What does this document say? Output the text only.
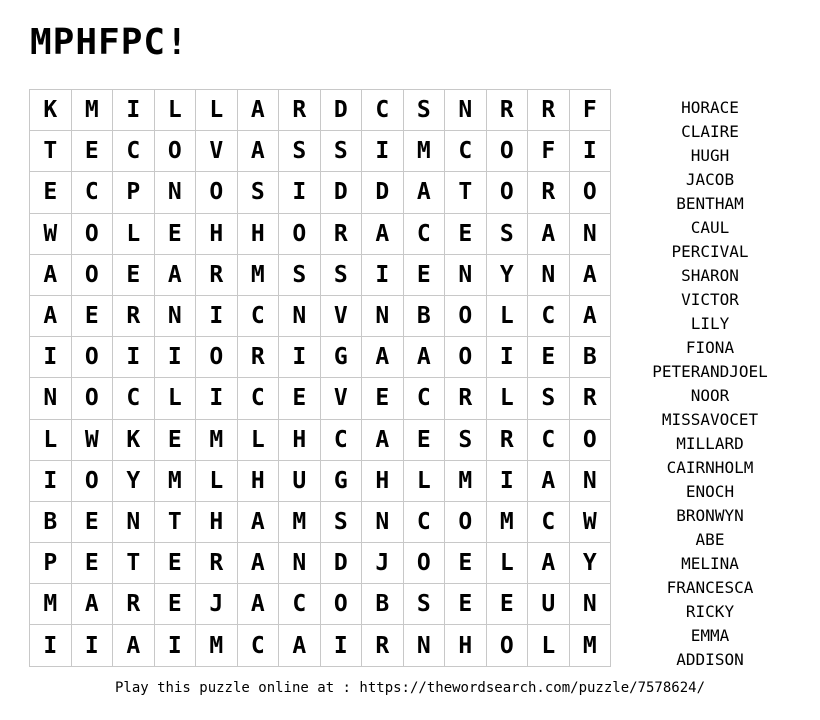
MPHFPC!
K	M	I	L	L	A	R	D	C	S	N	R	R	F
T	E	C	O	V	A	S	S	I	M	C	O	F	I
E	C	P	N	O	S	I	D	D	A	T	O	R	O
W	O	L	E	H	H	O	R	A	C	E	S	A	N
A	O	E	A	R	M	S	S	I	E	N	Y	N	A
A	E	R	N	I	C	N	V	N	B	O	L	C	A
I	O	I	I	O	R	I	G	A	A	O	I	E	B
N	O	C	L	I	C	E	V	E	C	R	L	S	R
L	W	K	E	M	L	H	C	A	E	S	R	C	O
I	O	Y	M	L	H	U	G	H	L	M	I	A	N
B	E	N	T	H	A	M	S	N	C	O	M	C	W
P	E	T	E	R	A	N	D	J	O	E	L	A	Y
M	A	R	E	J	A	C	O	B	S	E	E	U	N
I	I	A	I	M	C	A	I	R	N	H	O	L	M
HORACE
CLAIRE
HUGH
JACOB
BENTHAM
CAUL
PERCIVAL
SHARON
VICTOR
LILY
FIONA
PETERANDJOEL
NOOR
MISSAVOCET
MILLARD
CAIRNHOLM
ENOCH
BRONWYN
ABE
MELINA
FRANCESCA
RICKY
EMMA
ADDISON
Play this puzzle online at : https://thewordsearch.com/puzzle/7578624/
